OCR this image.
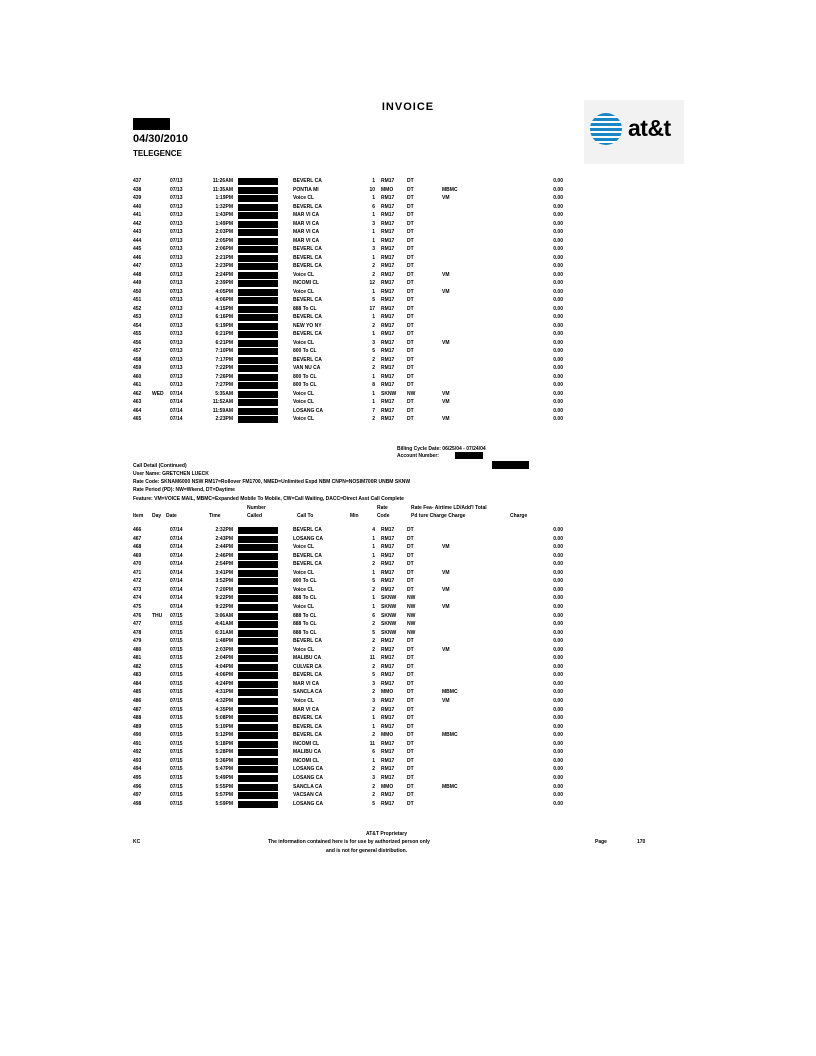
INVOICE
04/30/2010
TELEGENCE
at&t
437	07/13	11:26AM	BEVERL CA	1 RM17	DT	0.00
438	07/13	11:35AM	PONTIA MI	10 MMO	DT	MBMC	0.00
439	07/13	1:19PM	Voice CL	1 RM17	DT	VM	0.00
440	07/13	1:32PM	BEVERL CA	6 RM17	DT	0.00
441	07/13	1:43PM	MAR VI CA	1 RM17	DT	0.00
442	07/13	1:49PM	MAR VI CA	3 RM17	DT	0.00
443	07/13	2:03PM	MAR VI CA	1 RM17	DT	0.00
444	07/13	2:05PM	MAR VI CA	1 RM17	DT	0.00
445	07/13	2:06PM	BEVERL CA	3 RM17	DT	0.00
446	07/13	2:21PM	BEVERL CA	1 RM17	DT	0.00
447	07/13	2:23PM	BEVERL CA	2 RM17	DT	0.00
448	07/13	2:24PM	Voice CL	2 RM17	DT	VM	0.00
449	07/13	2:39PM	INCOMI CL	12 RM17	DT	0.00
450	07/13	4:05PM	Voice CL	1 RM17	DT	VM	0.00
451	07/13	4:06PM	BEVERL CA	5 RM17	DT	0.00
452	07/13	4:15PM	888 To CL	17 RM17	DT	0.00
453	07/13	6:16PM	BEVERL CA	1 RM17	DT	0.00
454	07/13	6:19PM	NEW YO NY	2 RM17	DT	0.00
455	07/13	6:21PM	BEVERL CA	1 RM17	DT	0.00
456	07/13	6:21PM	Voice CL	3 RM17	DT	VM	0.00
457	07/13	7:10PM	800 To CL	5 RM17	DT	0.00
458	07/13	7:17PM	BEVERL CA	2 RM17	DT	0.00
459	07/13	7:22PM	VAN NU CA	2 RM17	DT	0.00
460	07/13	7:26PM	800 To CL	1 RM17	DT	0.00
461	07/13	7:27PM	800 To CL	8 RM17	DT	0.00
462 WED 07/14	5:35AM	Voice CL	1 SKNW NW	VM	0.00
463	07/14	11:52AM	Voice CL	1 RM17	DT	VM	0.00
464	07/14	11:59AM	LOSANG CA	7 RM17	DT	0.00
465	07/14	2:23PM	Voice CL	2 RM17	DT	VM	0.00
Billing Cycle Date: 06/25/04 - 07/24/04
Account Number:
Call Detail (Continued)
User Name: GRETCHEN LUECK
Rate Code: SKNAM6000 NSW RM17=Rollover FM1700, NMED=Unlimited Expd NBM CNPN=NOSIM700R UNBM SKNW
Rate Period (PD): NW=Wkend, DT=Daytime
Feature: VM=VOICE MAIL, MBMC=Expanded Mobile To Mobile, CW=Call Waiting, DACC=Direct Asst Call Complete
Number	Rate	Rate Fea- Airtime LD/Add'l Total
Item Day Date	Time	Called	Call To	Min	Code	Pd ture Charge Charge	Charge
466	07/14	2:32PM	BEVERL CA	4 RM17	DT	0.00
467	07/14	2:43PM	LOSANG CA	1 RM17	DT	0.00
468	07/14	2:44PM	Voice CL	1 RM17	DT	VM	0.00
469	07/14	2:46PM	BEVERL CA	1 RM17	DT	0.00
470	07/14	2:54PM	BEVERL CA	2 RM17	DT	0.00
471	07/14	3:41PM	Voice CL	1 RM17	DT	VM	0.00
472	07/14	3:52PM	800 To CL	5 RM17	DT	0.00
473	07/14	7:20PM	Voice CL	2 RM17	DT	VM	0.00
474	07/14	9:22PM	888 To CL	1 SKNW NW	0.00
475	07/14	9:22PM	Voice CL	1 SKNW NW	VM	0.00
476 THU 07/15	3:06AM	888 To CL	6 SKNW NW	0.00
477	07/15	4:41AM	888 To CL	2 SKNW NW	0.00
478	07/15	6:31AM	888 To CL	5 SKNW NW	0.00
479	07/15	1:48PM	BEVERL CA	2 RM17	DT	0.00
480	07/15	2:03PM	Voice CL	2 RM17	DT	VM	0.00
481	07/15	2:04PM	MALIBU CA	11 RM17	DT	0.00
482	07/15	4:04PM	CULVER CA	2 RM17	DT	0.00
483	07/15	4:06PM	BEVERL CA	5 RM17	DT	0.00
484	07/15	4:24PM	MAR VI CA	3 RM17	DT	0.00
485	07/15	4:31PM	SANCLA CA	2 MMO	DT	MBMC	0.00
486	07/15	4:32PM	Voice CL	3 RM17	DT	VM	0.00
487	07/15	4:35PM	MAR VI CA	2 RM17	DT	0.00
488	07/15	5:08PM	BEVERL CA	1 RM17	DT	0.00
489	07/15	5:10PM	BEVERL CA	1 RM17	DT	0.00
490	07/15	5:12PM	BEVERL CA	2 MMO	DT	MBMC	0.00
491	07/15	5:18PM	INCOMI CL	11 RM17	DT	0.00
492	07/15	5:28PM	MALIBU CA	6 RM17	DT	0.00
493	07/15	5:36PM	INCOMI CL	1 RM17	DT	0.00
494	07/15	5:47PM	LOSANG CA	2 RM17	DT	0.00
495	07/15	5:49PM	LOSANG CA	3 RM17	DT	0.00
496	07/15	5:55PM	SANCLA CA	2 MMO	DT	MBMC	0.00
497	07/15	5:57PM	VACSAN CA	2 RM17	DT	0.00
498	07/15	5:59PM	LOSANG CA	5 RM17	DT	0.00
AT&T Proprietary
KC	The information contained here is for use by authorized person only
and is not for general distribution.
Page	170
